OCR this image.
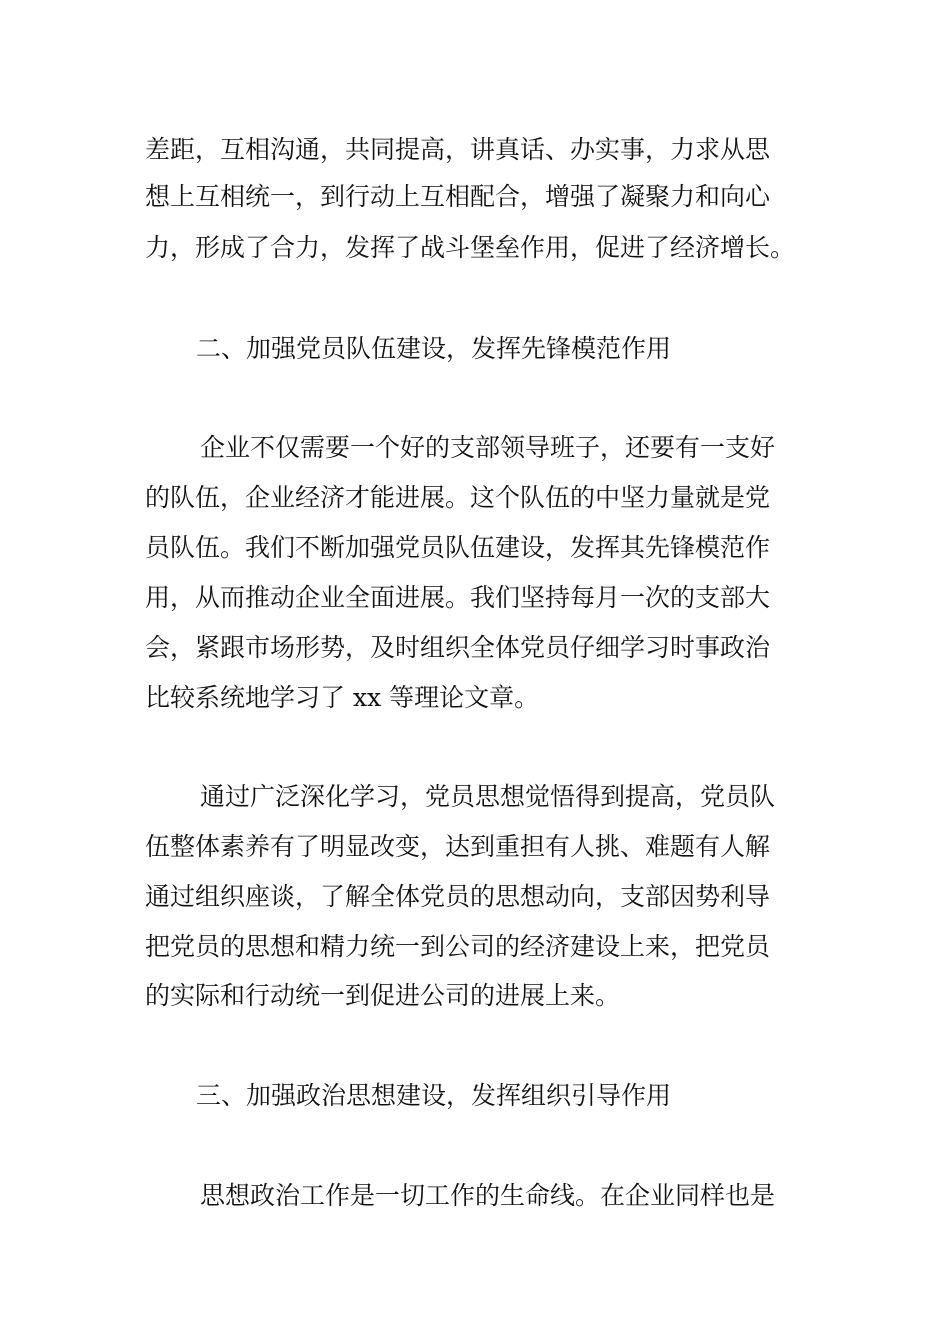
差距，互相沟通，共同提高，讲真话、办实事，力求从思
想上互相统一，到行动上互相配合，增强了凝聚力和向心
力，形成了合力，发挥了战斗堡垒作用，促进了经济增长。
二、加强党员队伍建设，发挥先锋模范作用
企业不仅需要一个好的支部领导班子，还要有一支好
的队伍，企业经济才能进展。这个队伍的中坚力量就是党
员队伍。我们不断加强党员队伍建设，发挥其先锋模范作
用，从而推动企业全面进展。我们坚持每月一次的支部大
会，紧跟市场形势，及时组织全体党员仔细学习时事政治
比较系统地学习了 xx 等理论文章。
通过广泛深化学习，党员思想觉悟得到提高，党员队
伍整体素养有了明显改变，达到重担有人挑、难题有人解
通过组织座谈，了解全体党员的思想动向，支部因势利导
把党员的思想和精力统一到公司的经济建设上来，把党员
的实际和行动统一到促进公司的进展上来。
三、加强政治思想建设，发挥组织引导作用
思想政治工作是一切工作的生命线。在企业同样也是
